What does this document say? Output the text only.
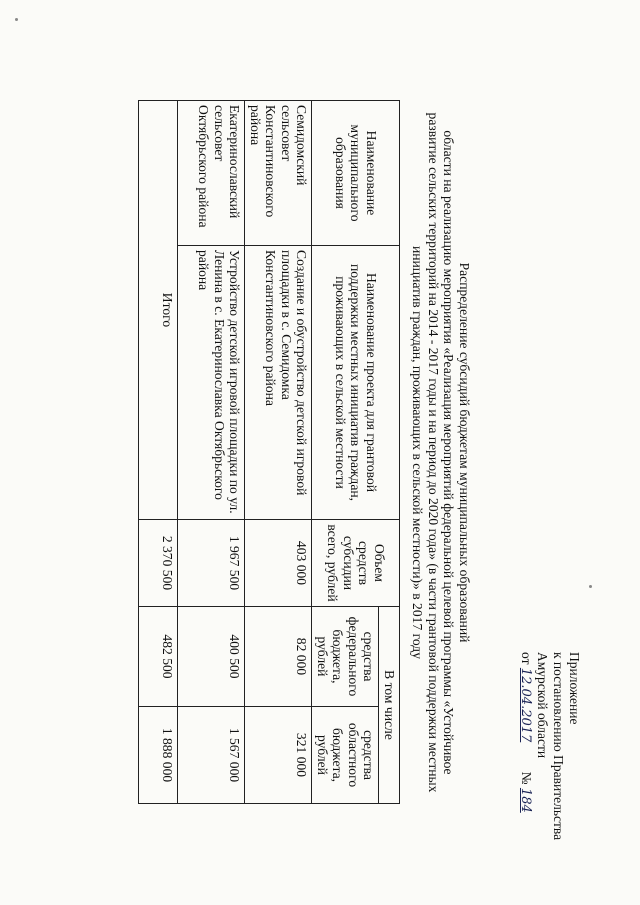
Приложение
к постановлению Правительства
Амурской области
от 12.04.2017 № 184
Распределение субсидий бюджетам муниципальных образований
области на реализацию мероприятия «Реализация мероприятий федеральной целевой программы «Устойчивое
развитие сельских территорий на 2014 - 2017 годы и на период до 2020 года» (в части грантовой поддержки местных
инициатив граждан, проживающих в сельской местности)» в 2017 году
Наименование муниципального образования	Наименование проекта для грантовой поддержки местных инициатив граждан, проживающих в сельской местности	Объем средств субсидии всего, рублей	В том числе	
			средства федерального бюджета, рублей	средства областного бюджета, рублей
Семидомский сельсовет Константиновского района	Создание и обустройство детской игровой площадки в с. Семидомка Константиновского района	403 000	82 000	321 000
Екатеринославский сельсовет Октябрьского района	Устройство детской игровой площадки по ул. Ленина в с. Екатеринославка Октябрьского района	1 967 500	400 500	1 567 000
Итого		2 370 500	482 500	1 888 000
